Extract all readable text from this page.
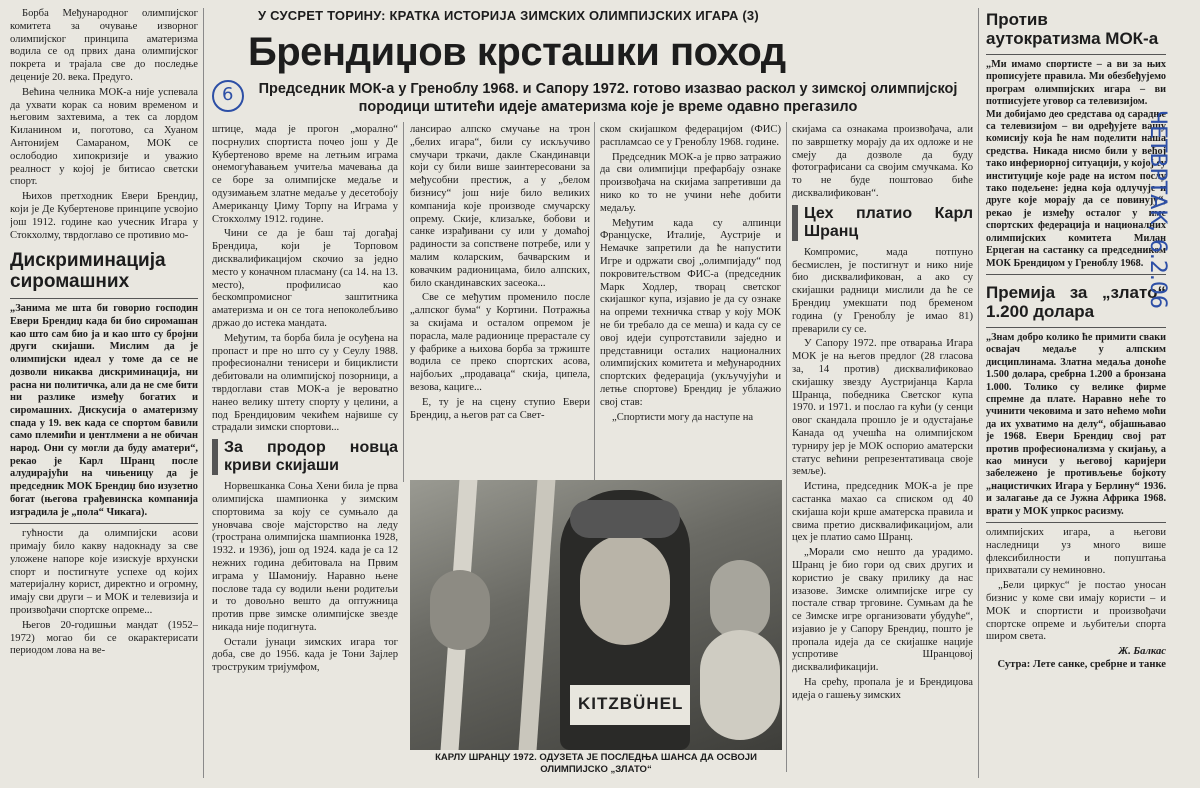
У СУСРЕТ ТОРИНУ: КРАТКА ИСТОРИЈА ЗИМСКИХ ОЛИМПИЈСКИХ ИГАРА (3)
Брендиџов крсташки поход
6	Председник МОК-а у Греноблу 1968. и Сапору 1972. готово изазвао раскол у зимској олимпијској породици штитећи идеје аматеризма које је време одавно прегазило

Борба Међународног олимпијског комитета за очување изворног олимпијског принципа аматеризма водила се од првих дана олимпијског покрета и трајала све до последње деценије 20. века. Предуго.

Већина челника МОК-а није успевала да ухвати корак са новим временом и његовим захтевима, а тек са лордом Киланином и, поготово, са Хуаном Антонијем Самараном, МОК се ослободио хипокризије и уважио реалност у којој је битисао светски спорт.

Њихов претходник Евери Брендиџ, који је Де Кубертенове принципе усвојио још 1912. године као учесник Игара у Стокхолму, тврдоглаво се противио мо-

Дискриминација сиромашних
„Занима ме шта би говорио господин Евери Брендиџ када би био сиромашан као што сам био ја и као што су бројни други скијаши. Мислим да је олимпијски идеал у томе да се не дозволи никаква дискриминација, ни расна ни политичка, али да не сме бити ни разлике између богатих и сиромашних. Дискусија о аматеризму спада у 19. век када се спортом бавили само племићи и џентлмени а не обичан народ. Они су могли да буду аматери“, рекао је Карл Шранц после алудирајући на чињеницу да је председник МОК Брендиџ био изузетно богат (његова грађевинска компанија изградила је „пола“ Чикага).

гућности да олимпијски асови примају било какву надокнаду за све уложене напоре које изискује врхунски спорт и постигнуте успехе од којих материјалну корист, директно и огромну, имају сви други – и МОК и телевизија и произвођачи спортске опреме...

Његов 20-годишњи мандат (1952–1972) могао би се окарактерисати периодом лова на ве-

штице, мада је прогон „морално“ посрнулих спортиста почео још у Де Кубертеново време на летњим играма онемогућавањем учитеља мачевања да се боре за олимпијске медаље и одузимањем златне медаље у десетобоју Американцу Џиму Торпу на Играма у Стокхолму 1912. године.

Чини се да је баш тај догађај Брендиџа, који је Торповом дисквалификацијом скочио за једно место у коначном пласману (са 14. на 13. место), профилисао као бескомпромисног заштитника аматеризма и он се тога непоколебљиво држао до истека мандата.

Међутим, та борба била је осуђена на пропаст и пре но што су у Сеулу 1988. професионални тенисери и бициклисти дебитовали на олимпијској позорници, а тврдоглави став МОК-а је вероватно нанео велику штету спорту у целини, а под Брендиџовим чекићем највише су страдали зимски спортови...

За продор новца криви скијаши

Норвешканка Соња Хени била је прва олимпијска шампионка у зимским спортовима за коју се сумњало да уновчава своје мајсторство на леду (тространа олимпијска шампионка 1928, 1932. и 1936), још од 1924. када је са 12 нежних година дебитовала на Првим играма у Шамонију. Наравно њене послове тада су водили њени родитељи и то довољно вешто да оптужница против прве зимске олимпијске звезде никада није подигнута.

Остали јунаци зимских игара тог доба, све до 1956. када је Тони Зајлер троструким тријумфом,

лансирао алпско смучање на трон „белих игара“, били су искључиво смучари тркачи, дакле Скандинавци који су били више заинтересовани за међусобни престиж, а у „белом бизнису“ још није било великих компанија које производе смучарску опрему. Скије, клизаљке, бобови и санке израђивани су или у домаћој радиности за сопствене потребе, или у малим коларским, бачварским и ковачким радионицама, било алпских, било скандинавских засеока...

Све се међутим променило после „алпског бума“ у Кортини. Потражња за скијама и осталом опремом је порасла, мале радионице прерастале су у фабрике а њихова борба за тржиште водила се преко спортских асова, најбољих „продаваца“ скија, ципела, везова, кациге...

Е, ту је на сцену ступио Евери Брендиџ, а његов рат са Свет-

ском скијашком федерацијом (ФИС) распламсао се у Греноблу 1968. године.

Председник МОК-а је прво затражио да сви олимпијци префарбају ознаке произвођача на скијама запретивши да нико ко то не учини неће добити медаљу.

Међутим када су алпинци Француске, Италије, Аустрије и Немачке запретили да ће напустити Игре и одржати свој „олимпијаду“ под покровитељством ФИС-а (председник Марк Ходлер, творац светског скијашког купа, изјавио је да су ознаке на опреми техничка ствар у коју МОК не би требало да се меша) и када су се овој идеји супротставили заједно и представници осталих националних олимпијских комитета и међународних спортских федерација (укључујући и летње спортове) Брендиџ је ублажио свој став:

„Спортисти могу да наступе на

KITZBÜHEL
КАРЛУ ШРАНЦУ 1972. ОДУЗЕТА ЈЕ ПОСЛЕДЊА ШАНСА ДА ОСВОЈИ ОЛИМПИЈСКО „ЗЛАТО“

скијама са ознакама произвођача, али по завршетку морају да их одложе и не смеју да дозволе да буду фотографисани са својим смучкама. Ко то не буде поштовао биће дисквалификован“.

Цех платио Карл Шранц

Компромис, мада потпуно бесмислен, је постигнут и нико није био дисквалификован, а ако су скијашки радници мислили да ће се Брендиџ умекшати под бременом година (у Греноблу је имао 81) преварили су се.

У Сапору 1972. пре отварања Игара МОК је на његов предлог (28 гласова за, 14 против) дисквалификовао скијашку звезду Аустријанца Карла Шранца, победника Светског купа 1970. и 1971. и послао га кући (у сенци овог скандала прошло је и одустајање Канада од учешћа на олимпијском турниру јер је МОК оспорио аматерски статус већини репрезентативаца своје земље).

Истина, председник МОК-а је пре састанка махао са списком од 40 скијаша који крше аматерска правила и свима претио дисквалификацијом, али цех је платио само Шранц.

„Морали смо нешто да урадимо. Шранц је био гори од свих других и користио је сваку прилику да нас изазове. Зимске олимпијске игре су постале ствар трговине. Сумњам да ће се Зимске игре организовати убудуће“, изјавио је у Сапору Брендиџ, пошто је пропала идеја да се скијашке нације успротиве Шранцовој дисквалификацији.

На срећу, пропала је и Брендиџова идеја о гашењу зимских

Против аутократизма МОК-а
„Ми имамо спортисте – а ви за њих прописујете правила. Ми обезбеђујемо програм олимпијских игара – ви потписујете уговор са телевизијом.
Ми добијамо део средстава од сарадње са телевизијом – ви одређујете вашу комисију која ће нам поделити нашa средства. Никада нисмо били у већој тако инфериорној ситуацији, у којој су институције које раде на истом послу тако подељене: једна која одлучује и друге које морају да се повинују“, рекао је између осталог у име спортских федерација и националних олимпијских комитета Милан Ерцеган на састанку са председником МОК Брендиџом у Греноблу 1968.
Премија за „злато“ 1.200 долара
„Знам добро колико ће примити сваки освајач медаље у алпским дисциплинама. Златна медаља доноће 1.500 долара, сребрна 1.200 а бронзана 1.000. Толико су велике фирме спремне да плате. Наравно неће то учинити чековима и зато нећемо моћи да их ухватимо на делу“, објашњавао је 1968. Евери Брендиџ свој рат против професионализма у скијању, а као минуси у његовој каријери забележено је противљење бојкоту „нацистичких Игара у Берлину“ 1936. и залагање да се Јужна Африка 1968. врати у МОК упркос расизму.

олимпијских игара, а његови наследници уз много више флексибилности и попуштања прихватали су неминовно.

„Бели циркус“ је постао уносан бизнис у коме сви имају користи – и МОК и спортисти и произвођачи спортске опреме и љубитељи спорта широм света.

Ж. Балкас
Сутра: Лете санке, сребрне и танке
ЧЕТВРТАК, 6.2.06
